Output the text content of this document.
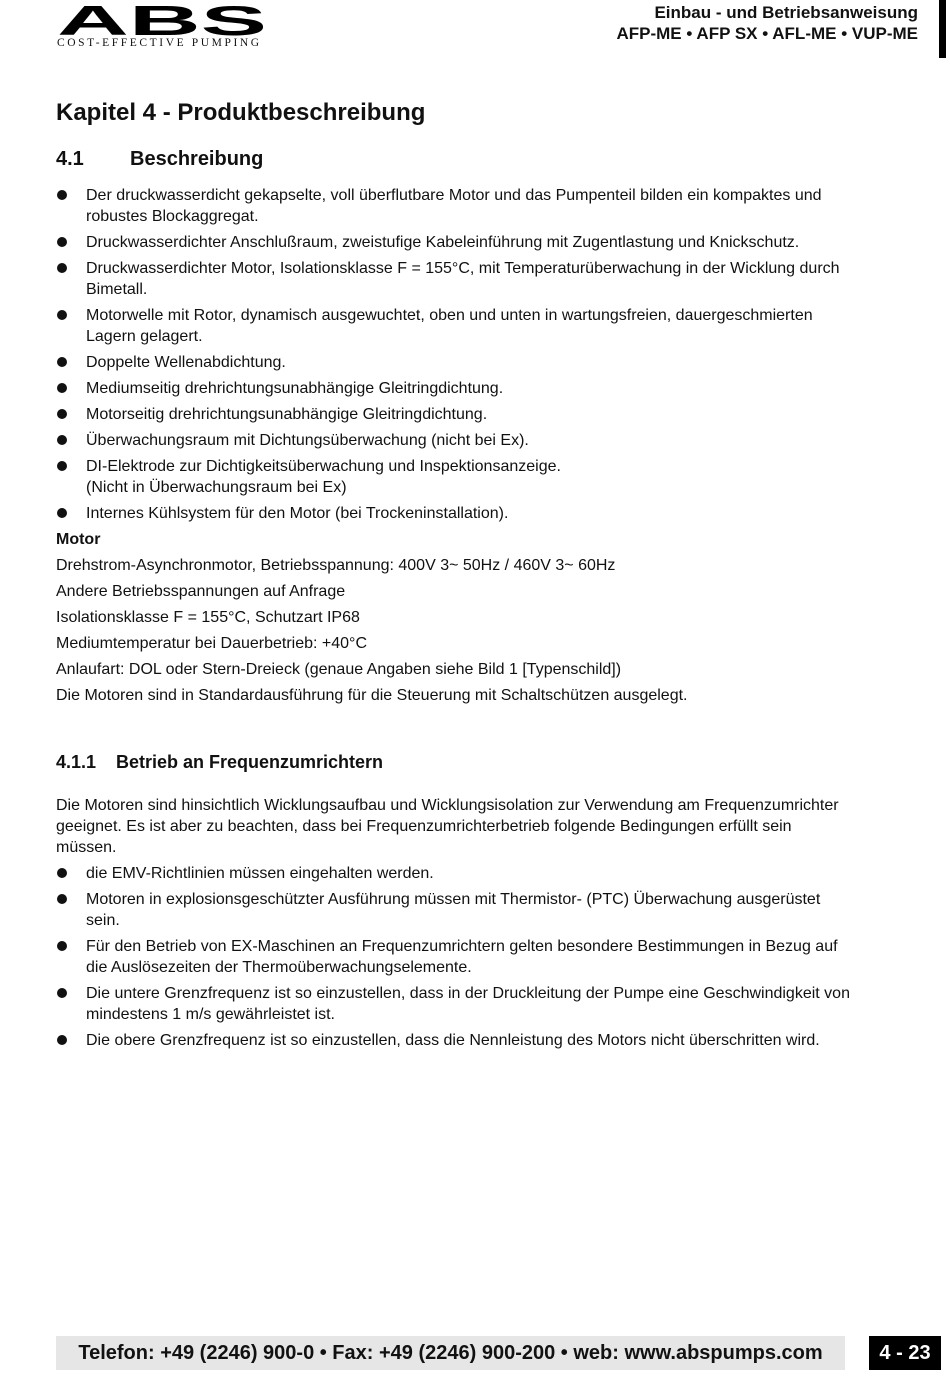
ABS
COST-EFFECTIVE PUMPING
Einbau - und Betriebsanweisung
AFP-ME • AFP SX • AFL-ME • VUP-ME
Kapitel 4 - Produktbeschreibung
4.1 Beschreibung
Der druckwasserdicht gekapselte, voll überflutbare Motor und das Pumpenteil bilden ein kompaktes und robustes Blockaggregat.
Druckwasserdichter Anschlußraum, zweistufige Kabeleinführung mit Zugentlastung und Knickschutz.
Druckwasserdichter Motor, Isolationsklasse F = 155°C, mit Temperaturüberwachung in der Wicklung durch Bimetall.
Motorwelle mit Rotor, dynamisch ausgewuchtet, oben und unten in wartungsfreien, dauergeschmierten Lagern gelagert.
Doppelte Wellenabdichtung.
Mediumseitig drehrichtungsunabhängige Gleitringdichtung.
Motorseitig drehrichtungsunabhängige Gleitringdichtung.
Überwachungsraum mit Dichtungsüberwachung (nicht bei Ex).
DI-Elektrode zur Dichtigkeitsüberwachung und Inspektionsanzeige.
(Nicht in Überwachungsraum bei Ex)
Internes Kühlsystem für den Motor (bei Trockeninstallation).

Motor

Drehstrom-Asynchronmotor, Betriebsspannung: 400V 3~ 50Hz / 460V 3~ 60Hz

Andere Betriebsspannungen auf Anfrage

Isolationsklasse F = 155°C, Schutzart IP68

Mediumtemperatur bei Dauerbetrieb: +40°C

Anlaufart: DOL oder Stern-Dreieck (genaue Angaben siehe Bild 1 [Typenschild])

Die Motoren sind in Standardausführung für die Steuerung mit Schaltschützen ausgelegt.

4.1.1 Betrieb an Frequenzumrichtern

Die Motoren sind hinsichtlich Wicklungsaufbau und Wicklungsisolation zur Verwendung am Frequenzumrichter geeignet. Es ist aber zu beachten, dass bei Frequenzumrichterbetrieb folgende Bedingungen erfüllt sein müssen.

die EMV-Richtlinien müssen eingehalten werden.
Motoren in explosionsgeschützter Ausführung müssen mit Thermistor- (PTC) Überwachung ausgerüstet sein.
Für den Betrieb von EX-Maschinen an Frequenzumrichtern gelten besondere Bestimmungen in Bezug auf die Auslösezeiten der Thermoüberwachungselemente.
Die untere Grenzfrequenz ist so einzustellen, dass in der Druckleitung der Pumpe eine Geschwindigkeit von mindestens 1 m/s gewährleistet ist.
Die obere Grenzfrequenz ist so einzustellen, dass die Nennleistung des Motors nicht überschritten wird.
Telefon: +49 (2246) 900-0 • Fax: +49 (2246) 900-200 • web: www.abspumps.com	4 - 23
